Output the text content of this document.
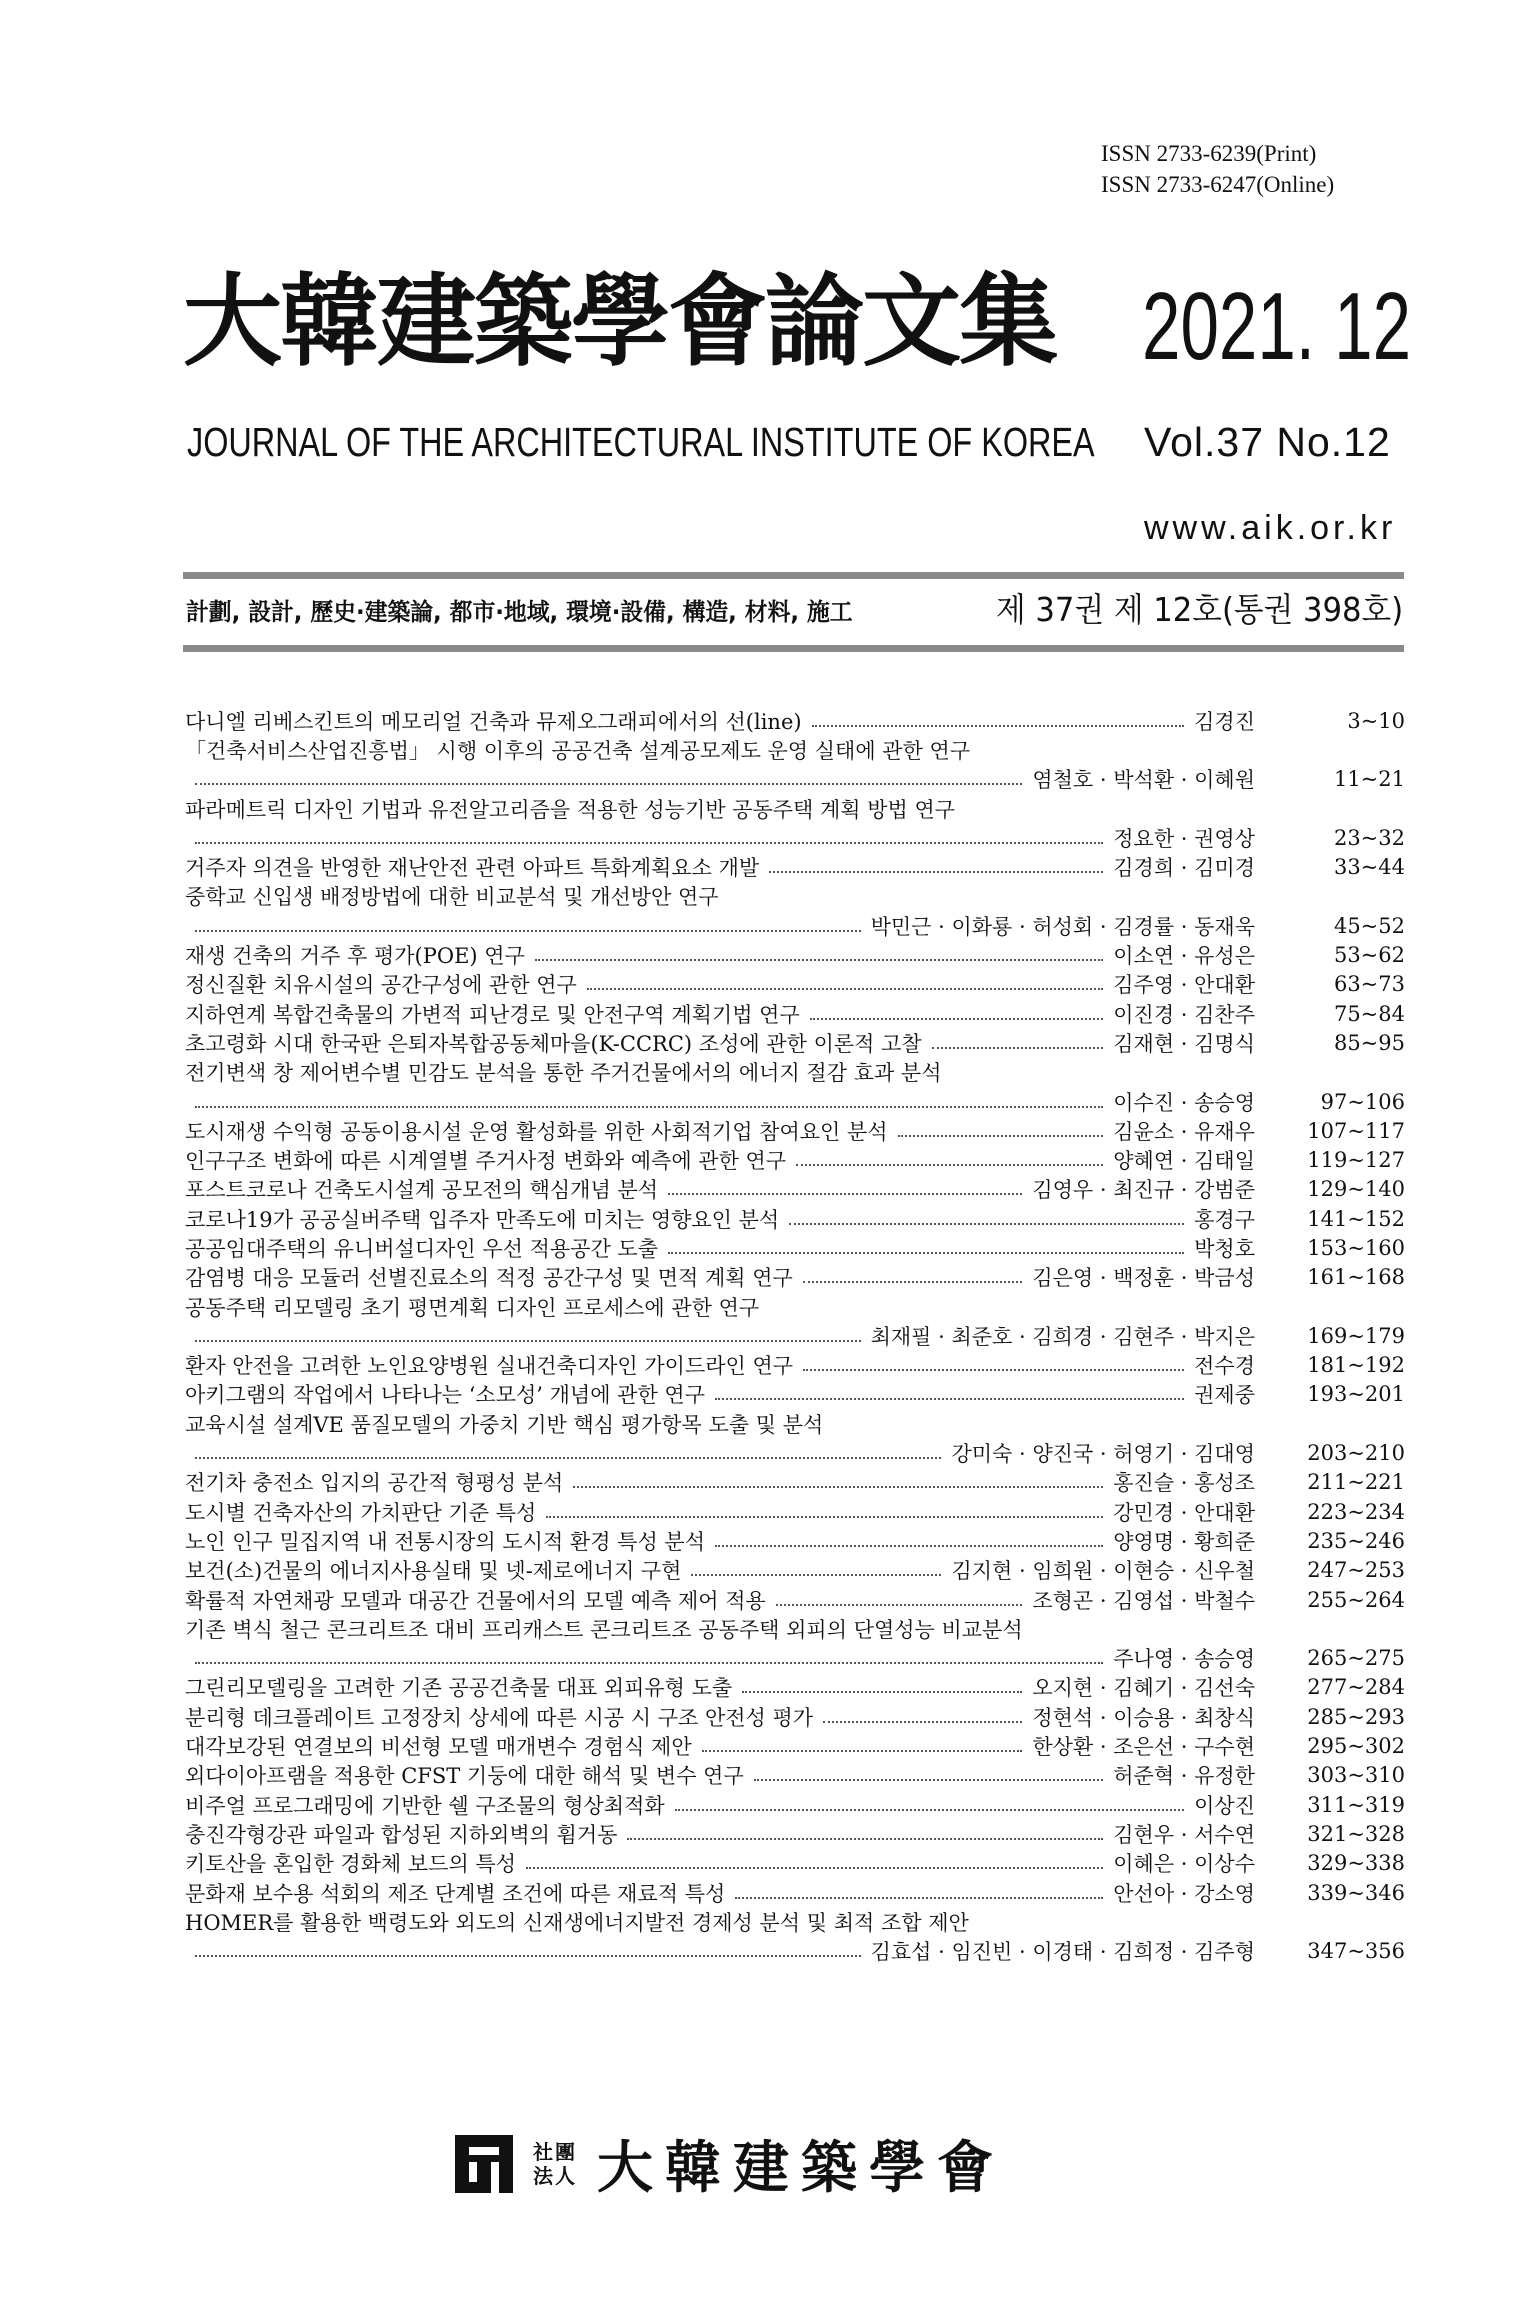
ISSN 2733-6239(Print)
ISSN 2733-6247(Online)
大韓建築學會論文集 2021. 12
JOURNAL OF THE ARCHITECTURAL INSTITUTE OF KOREA Vol.37 No.12
www.aik.or.kr
計劃, 設計, 歷史·建築論, 都市·地域, 環境·設備, 構造, 材料, 施工	제 37권 제 12호(통권 398호)
다니엘 리베스킨트의 메모리얼 건축과 뮤제오그래피에서의 선(line)	김경진	3~10
「건축서비스산업진흥법」 시행 이후의 공공건축 설계공모제도 운영 실태에 관한 연구
염철호 · 박석환 · 이혜원	11~21
파라메트릭 디자인 기법과 유전알고리즘을 적용한 성능기반 공동주택 계획 방법 연구
정요한 · 권영상	23~32
거주자 의견을 반영한 재난안전 관련 아파트 특화계획요소 개발	김경희 · 김미경	33~44
중학교 신입생 배정방법에 대한 비교분석 및 개선방안 연구
박민근 · 이화룡 · 허성회 · 김경률 · 동재욱	45~52
재생 건축의 거주 후 평가(POE) 연구	이소연 · 유성은	53~62
정신질환 치유시설의 공간구성에 관한 연구	김주영 · 안대환	63~73
지하연계 복합건축물의 가변적 피난경로 및 안전구역 계획기법 연구	이진경 · 김찬주	75~84
초고령화 시대 한국판 은퇴자복합공동체마을(K-CCRC) 조성에 관한 이론적 고찰	김재현 · 김명식	85~95
전기변색 창 제어변수별 민감도 분석을 통한 주거건물에서의 에너지 절감 효과 분석
이수진 · 송승영	97~106
도시재생 수익형 공동이용시설 운영 활성화를 위한 사회적기업 참여요인 분석	김윤소 · 유재우	107~117
인구구조 변화에 따른 시계열별 주거사정 변화와 예측에 관한 연구	양혜연 · 김태일	119~127
포스트코로나 건축도시설계 공모전의 핵심개념 분석	김영우 · 최진규 · 강범준	129~140
코로나19가 공공실버주택 입주자 만족도에 미치는 영향요인 분석	홍경구	141~152
공공임대주택의 유니버설디자인 우선 적용공간 도출	박청호	153~160
감염병 대응 모듈러 선별진료소의 적정 공간구성 및 면적 계획 연구	김은영 · 백정훈 · 박금성	161~168
공동주택 리모델링 초기 평면계획 디자인 프로세스에 관한 연구
최재필 · 최준호 · 김희경 · 김현주 · 박지은	169~179
환자 안전을 고려한 노인요양병원 실내건축디자인 가이드라인 연구	전수경	181~192
아키그램의 작업에서 나타나는 ‘소모성’ 개념에 관한 연구	권제중	193~201
교육시설 설계VE 품질모델의 가중치 기반 핵심 평가항목 도출 및 분석
강미숙 · 양진국 · 허영기 · 김대영	203~210
전기차 충전소 입지의 공간적 형평성 분석	홍진슬 · 홍성조	211~221
도시별 건축자산의 가치판단 기준 특성	강민경 · 안대환	223~234
노인 인구 밀집지역 내 전통시장의 도시적 환경 특성 분석	양영명 · 황희준	235~246
보건(소)건물의 에너지사용실태 및 넷-제로에너지 구현	김지현 · 임희원 · 이현승 · 신우철	247~253
확률적 자연채광 모델과 대공간 건물에서의 모델 예측 제어 적용	조형곤 · 김영섭 · 박철수	255~264
기존 벽식 철근 콘크리트조 대비 프리캐스트 콘크리트조 공동주택 외피의 단열성능 비교분석
주나영 · 송승영	265~275
그린리모델링을 고려한 기존 공공건축물 대표 외피유형 도출	오지현 · 김혜기 · 김선숙	277~284
분리형 데크플레이트 고정장치 상세에 따른 시공 시 구조 안전성 평가	정현석 · 이승용 · 최창식	285~293
대각보강된 연결보의 비선형 모델 매개변수 경험식 제안	한상환 · 조은선 · 구수현	295~302
외다이아프램을 적용한 CFST 기둥에 대한 해석 및 변수 연구	허준혁 · 유정한	303~310
비주얼 프로그래밍에 기반한 쉘 구조물의 형상최적화	이상진	311~319
충진각형강관 파일과 합성된 지하외벽의 휨거동	김현우 · 서수연	321~328
키토산을 혼입한 경화체 보드의 특성	이혜은 · 이상수	329~338
문화재 보수용 석회의 제조 단계별 조건에 따른 재료적 특성	안선아 · 강소영	339~346
HOMER를 활용한 백령도와 외도의 신재생에너지발전 경제성 분석 및 최적 조합 제안
김효섭 · 임진빈 · 이경태 · 김희정 · 김주형	347~356
社團
法人 大韓建築學會
